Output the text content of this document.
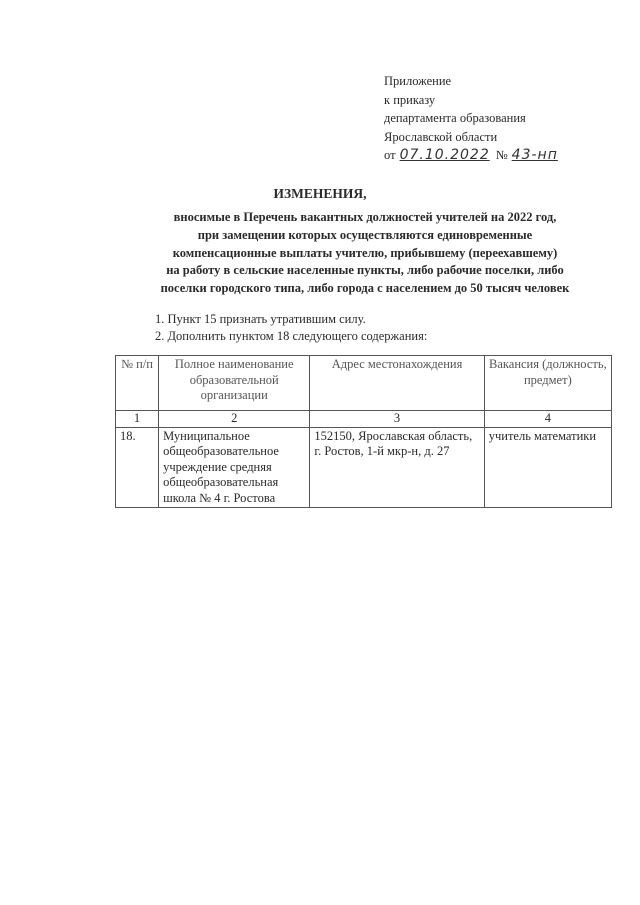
Приложение
к приказу
департамента образования
Ярославской области
от 07.10.2022 № 43-нп
ИЗМЕНЕНИЯ,
вносимые в Перечень вакантных должностей учителей на 2022 год,
при замещении которых осуществляются единовременные
компенсационные выплаты учителю, прибывшему (переехавшему)
на работу в сельские населенные пункты, либо рабочие поселки, либо
поселки городского типа, либо города с населением до 50 тысяч человек
1. Пункт 15 признать утратившим силу.
2. Дополнить пунктом 18 следующего содержания:
№ п/п	Полное наименование образовательной организации	Адрес местонахождения	Вакансия (должность, предмет)
1	2	3	4
18.	Муниципальное общеобразовательное учреждение средняя общеобразовательная школа № 4 г. Ростова	152150, Ярославская область, г. Ростов, 1-й мкр-н, д. 27	учитель математики
